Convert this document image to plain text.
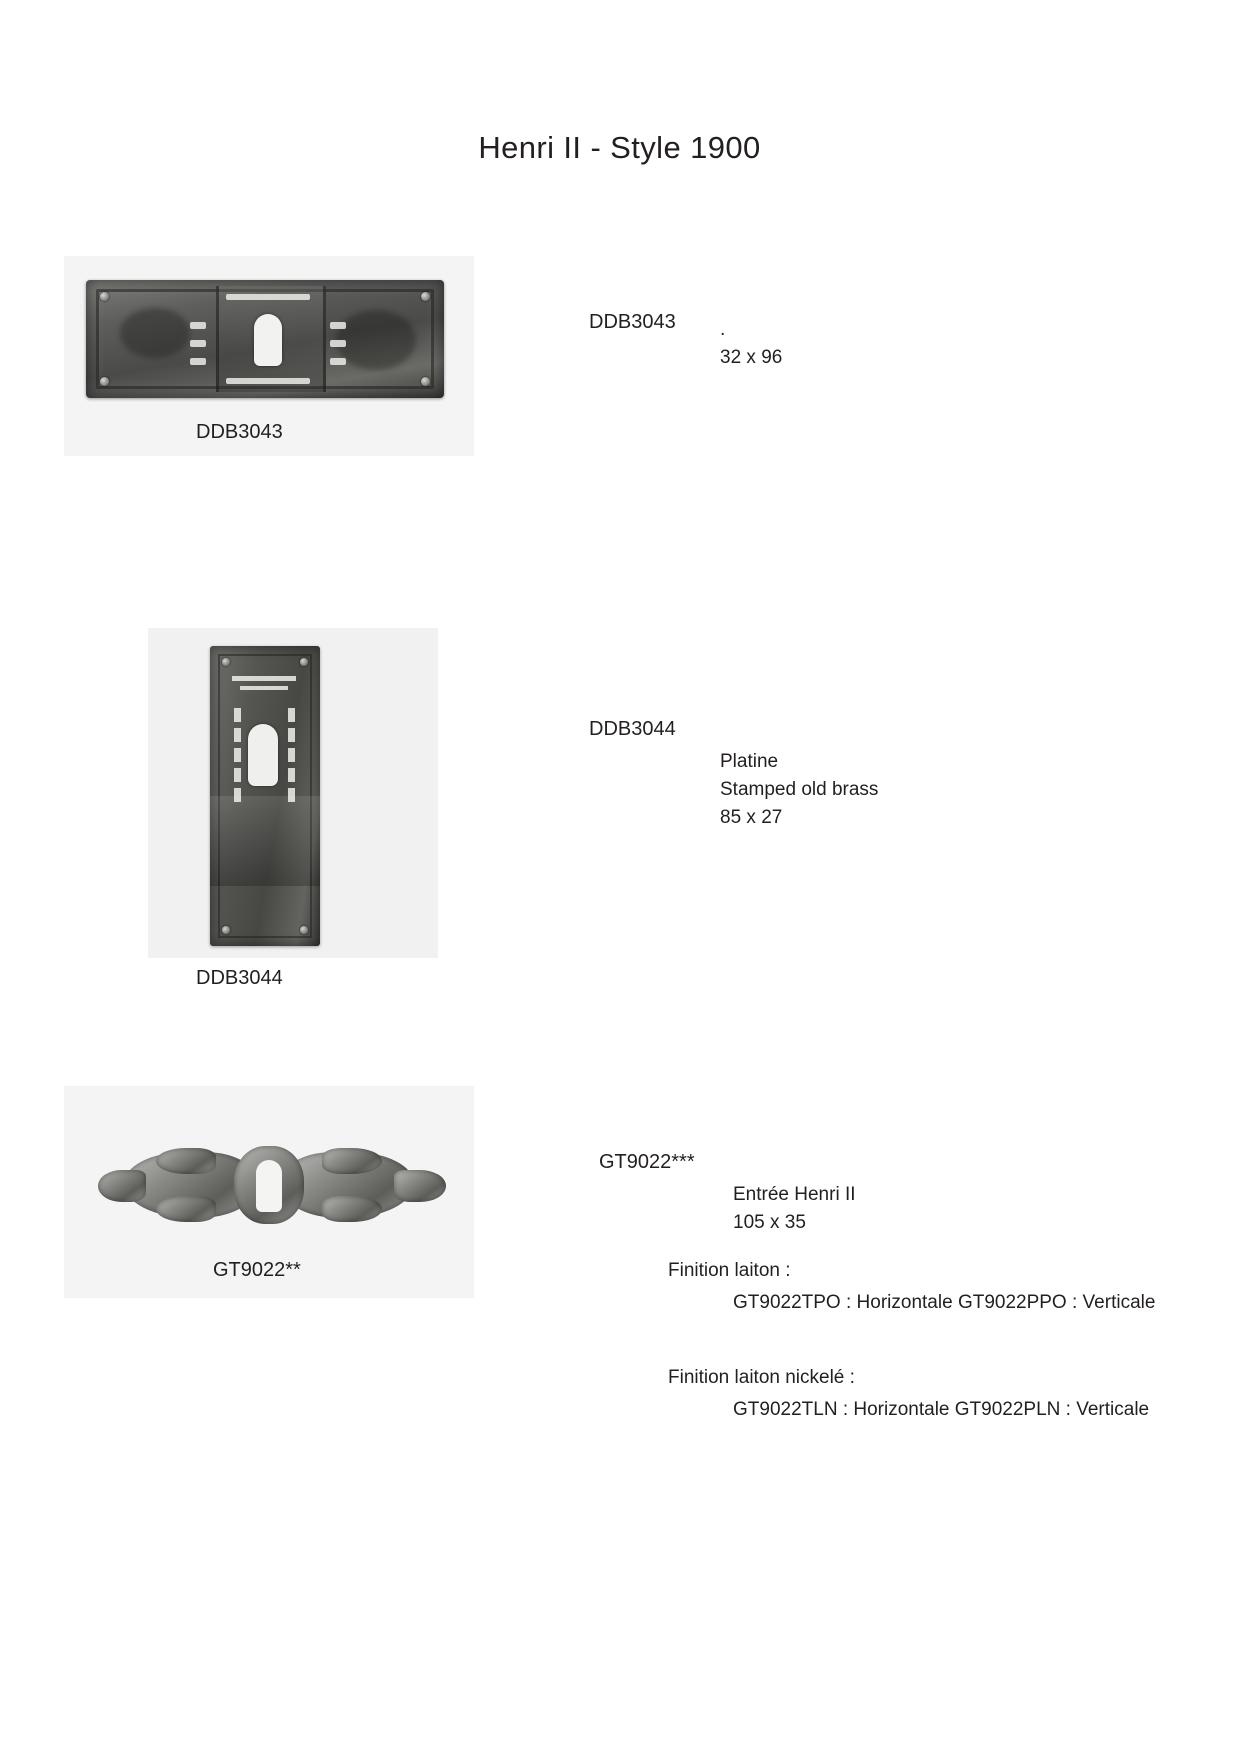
Henri II - Style 1900
DDB3043
DDB3043 .
32 x 96
DDB3044
DDB3044
Platine
Stamped old brass
85 x 27
GT9022**
GT9022***
Entrée Henri II
105 x 35
Finition laiton :
GT9022TPO : Horizontale GT9022PPO : Verticale
Finition laiton nickelé :
GT9022TLN : Horizontale GT9022PLN : Verticale
